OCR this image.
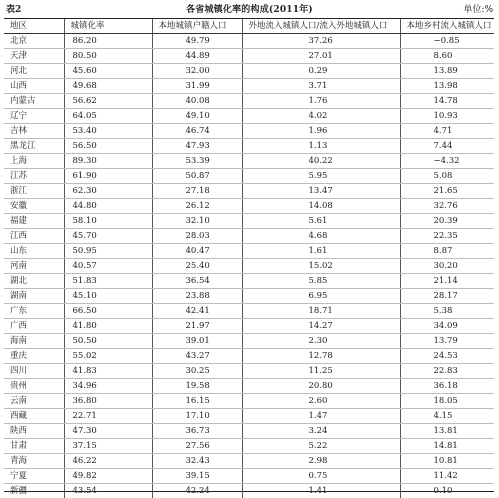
表2	各省城镇化率的构成(2011年)	单位:%
地区	城镇化率	本地城镇户籍人口	外地流入城镇人口/流入外地城镇人口	本地乡村流入城镇人口
北京	86.20	49.79	37.26	−0.85
天津	80.50	44.89	27.01	8.60
河北	45.60	32.00	0.29	13.89
山西	49.68	31.99	3.71	13.98
内蒙古	56.62	40.08	1.76	14.78
辽宁	64.05	49.10	4.02	10.93
吉林	53.40	46.74	1.96	4.71
黑龙江	56.50	47.93	1.13	7.44
上海	89.30	53.39	40.22	−4.32
江苏	61.90	50.87	5.95	5.08
浙江	62.30	27.18	13.47	21.65
安徽	44.80	26.12	14.08	32.76
福建	58.10	32.10	5.61	20.39
江西	45.70	28.03	4.68	22.35
山东	50.95	40.47	1.61	8.87
河南	40.57	25.40	15.02	30.20
湖北	51.83	36.54	5.85	21.14
湖南	45.10	23.88	6.95	28.17
广东	66.50	42.41	18.71	5.38
广西	41.80	21.97	14.27	34.09
海南	50.50	39.01	2.30	13.79
重庆	55.02	43.27	12.78	24.53
四川	41.83	30.25	11.25	22.83
贵州	34.96	19.58	20.80	36.18
云南	36.80	16.15	2.60	18.05
西藏	22.71	17.10	1.47	4.15
陕西	47.30	36.73	3.24	13.81
甘肃	37.15	27.56	5.22	14.81
青海	46.22	32.43	2.98	10.81
宁夏	49.82	39.15	0.75	11.42
新疆	43.54	42.24	1.41	0.10
